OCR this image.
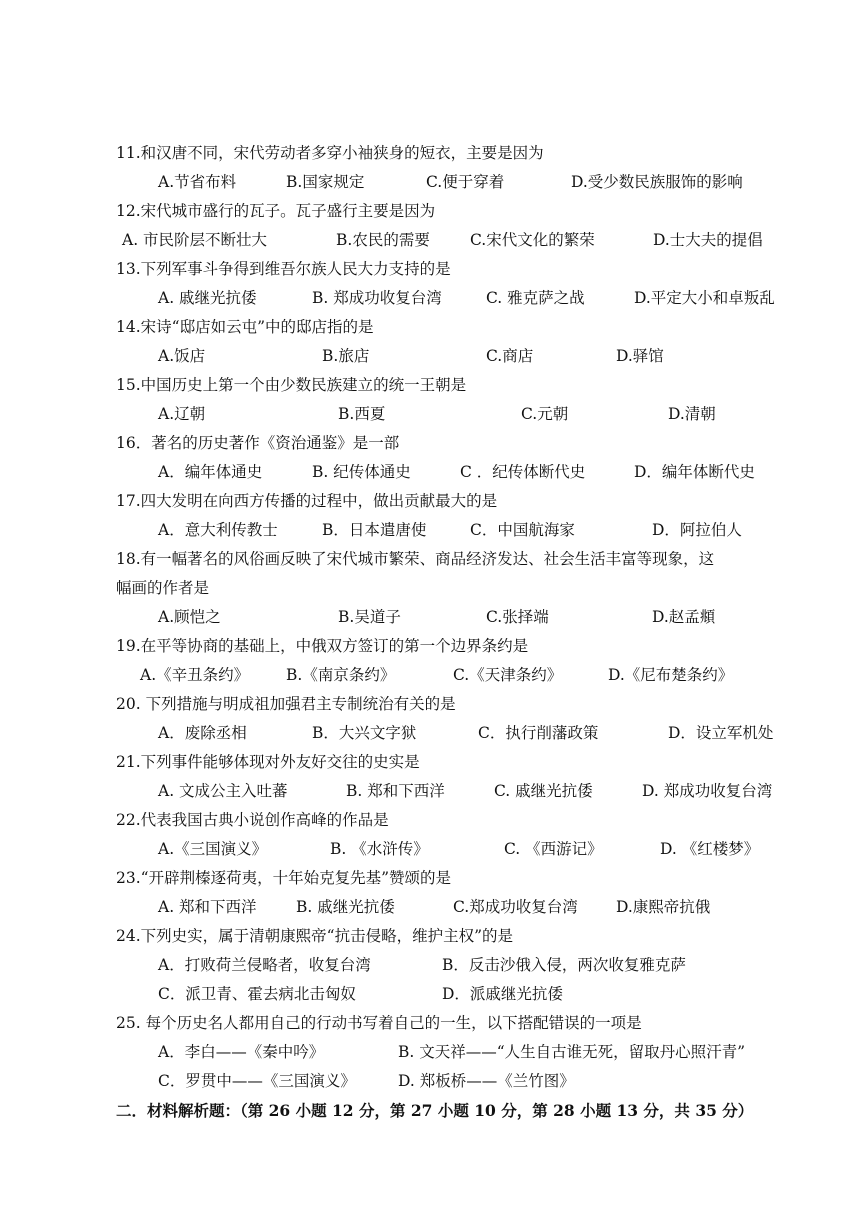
11.和汉唐不同，宋代劳动者多穿小袖狭身的短衣，主要是因为
A.节省布料	B.国家规定	C.便于穿着	D.受少数民族服饰的影响
12.宋代城市盛行的瓦子。瓦子盛行主要是因为
A. 市民阶层不断壮大	B.农民的需要	C.宋代文化的繁荣	D.士大夫的提倡
13.下列军事斗争得到维吾尔族人民大力支持的是
A. 戚继光抗倭	B. 郑成功收复台湾	C. 雅克萨之战	D.平定大小和卓叛乱
14.宋诗“邸店如云屯”中的邸店指的是
A.饭店	B.旅店	C.商店	D.驿馆
15.中国历史上第一个由少数民族建立的统一王朝是
A.辽朝	B.西夏	C.元朝	D.清朝
16．著名的历史著作《资治通鉴》是一部
A．编年体通史	B. 纪传体通史	C ．纪传体断代史	D．编年体断代史
17.四大发明在向西方传播的过程中，做出贡献最大的是
A．意大利传教士	B．日本遣唐使	C．中国航海家	D．阿拉伯人
18.有一幅著名的风俗画反映了宋代城市繁荣、商品经济发达、社会生活丰富等现象，这
幅画的作者是
A.顾恺之	B.吴道子	C.张择端	D.赵孟頫
19.在平等协商的基础上，中俄双方签订的第一个边界条约是
A.《辛丑条约》 B.《南京条约》	C.《天津条约》	D.《尼布楚条约》
20. 下列措施与明成祖加强君主专制统治有关的是
A．废除丞相	B．大兴文字狱	C．执行削藩政策	D．设立军机处
21.下列事件能够体现对外友好交往的史实是
A. 文成公主入吐蕃	B. 郑和下西洋	C. 戚继光抗倭	D. 郑成功收复台湾
22.代表我国古典小说创作高峰的作品是
A.《三国演义》	B. 《水浒传》	C. 《西游记》	D. 《红楼梦》
23.“开辟荆榛逐荷夷，十年始克复先基”赞颂的是
A. 郑和下西洋	B. 戚继光抗倭	C.郑成功收复台湾 D.康熙帝抗俄
24.下列史实，属于清朝康熙帝“抗击侵略，维护主权”的是
A．打败荷兰侵略者，收复台湾	B．反击沙俄入侵，两次收复雅克萨
C．派卫青、霍去病北击匈奴	D．派戚继光抗倭
25. 每个历史名人都用自己的行动书写着自己的一生，以下搭配错误的一项是
A．李白——《秦中吟》	B. 文天祥——“人生自古谁无死，留取丹心照汗青”
C．罗贯中——《三国演义》	D. 郑板桥——《兰竹图》
二．材料解析题：（第 26 小题 12 分，第 27 小题 10 分，第 28 小题 13 分，共 35 分）
